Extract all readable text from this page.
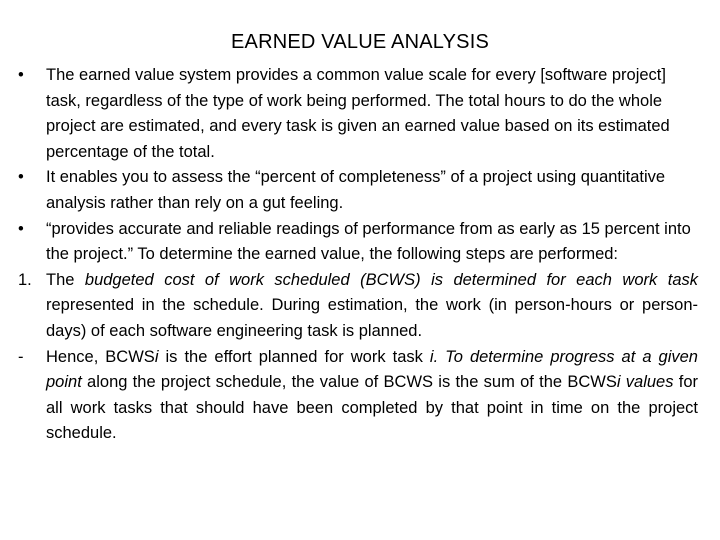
EARNED VALUE ANALYSIS

• The earned value system provides a common value scale for every [software project] task, regardless of the type of work being performed. The total hours to do the whole project are estimated, and every task is given an earned value based on its estimated percentage of the total.

• It enables you to assess the “percent of completeness” of a project using quantitative analysis rather than rely on a gut feeling.

• “provides accurate and reliable readings of performance from as early as 15 percent into the project.” To determine the earned value, the following steps are performed:

1. The budgeted cost of work scheduled (BCWS) is determined for each work task represented in the schedule. During estimation, the work (in person-hours or person-days) of each software engineering task is planned.

- Hence, BCWSi is the effort planned for work task i. To determine progress at a given point along the project schedule, the value of BCWS is the sum of the BCWSi values for all work tasks that should have been completed by that point in time on the project schedule.
